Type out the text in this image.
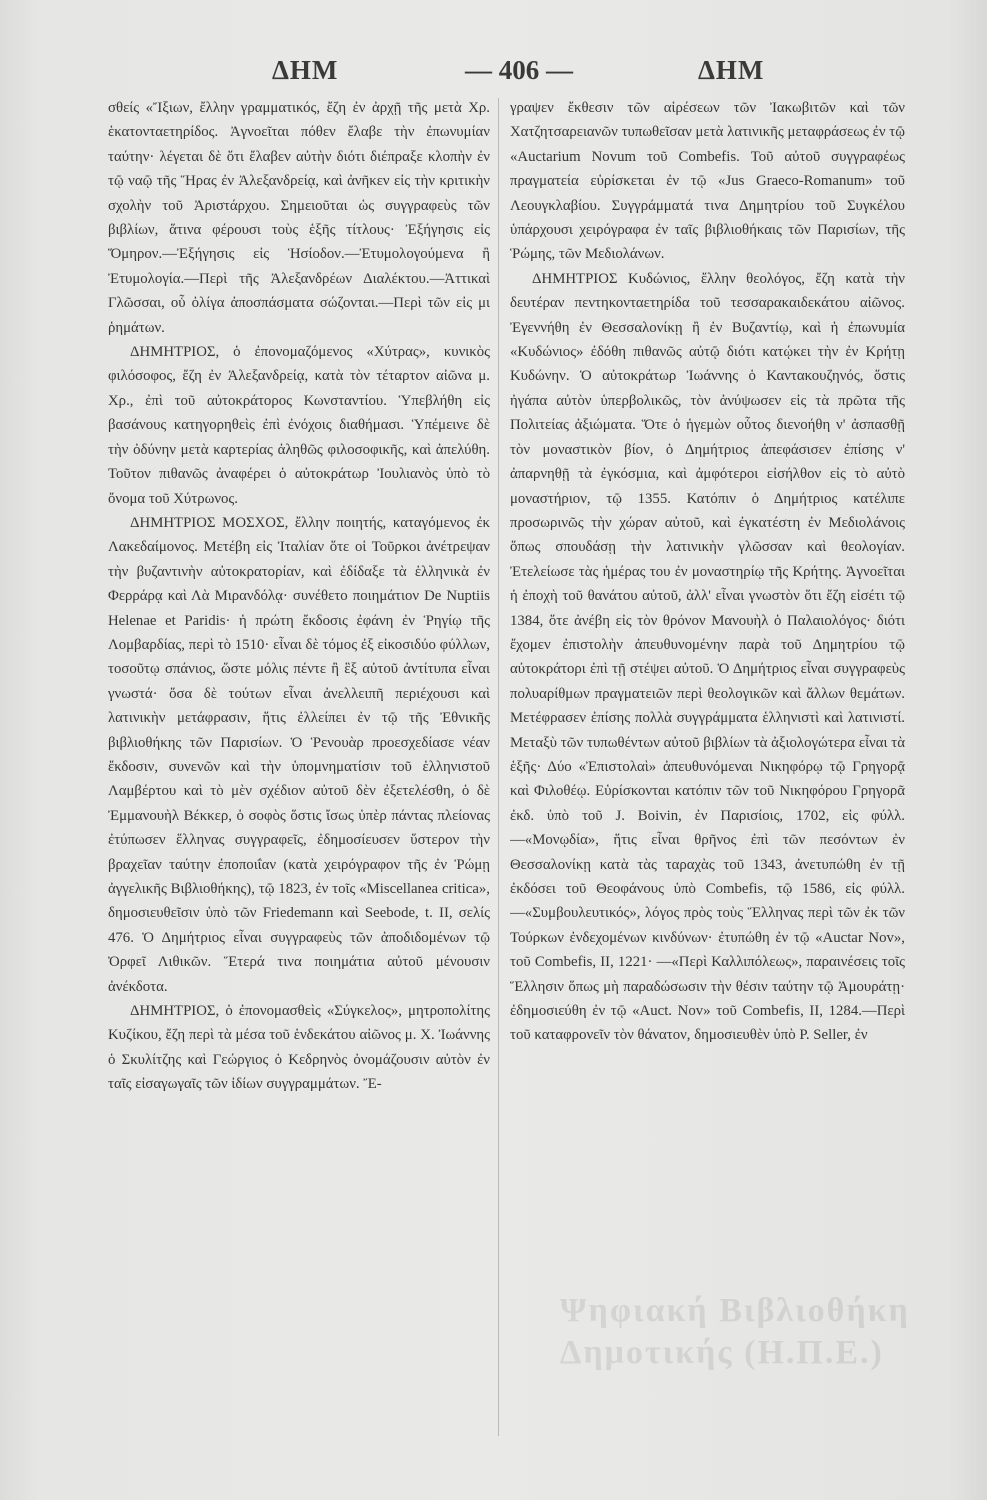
ΔΗΜ	— 406 —	ΔΗΜ

σθείς «Ἴξιων, ἔλλην γραμματικός, ἔζη ἐν ἀρχῇ τῆς μετὰ Χρ. ἑκατονταετηρίδος. Ἀγνοεῖται πόθεν ἔλαβε τὴν ἐπωνυμίαν ταύτην· λέγεται δὲ ὅτι ἔλαβεν αὐτὴν διότι διέπραξε κλοπὴν ἐν τῷ ναῷ τῆς Ἥρας ἐν Ἀλεξανδρείᾳ, καὶ ἀνῆκεν εἰς τὴν κριτικὴν σχολὴν τοῦ Ἀριστάρχου. Σημειοῦται ὡς συγγραφεὺς τῶν βιβλίων, ἅτινα φέρουσι τοὺς ἑξῆς τίτλους· Ἐξήγησις εἰς Ὅμηρον.—Ἐξήγησις εἰς Ἡσίοδον.—Ἐτυμολογούμενα ἢ Ἐτυμολογία.—Περὶ τῆς Ἀλεξανδρέων Διαλέκτου.—Ἀττικαὶ Γλῶσσαι, οὗ ὀλίγα ἀποσπάσματα σώζονται.—Περὶ τῶν εἰς μι ῥημάτων.

ΔΗΜΗΤΡΙΟΣ, ὁ ἐπονομαζόμενος «Χύτρας», κυνικὸς φιλόσοφος, ἔζη ἐν Ἀλεξανδρείᾳ, κατὰ τὸν τέταρτον αἰῶνα μ. Χρ., ἐπὶ τοῦ αὐτοκράτορος Κωνσταντίου. Ὑπεβλήθη εἰς βασάνους κατηγορηθεὶς ἐπὶ ἐνόχοις διαθήμασι. Ὑπέμεινε δὲ τὴν ὀδύνην μετὰ καρτερίας ἀληθῶς φιλοσοφικῆς, καὶ ἀπελύθη. Τοῦτον πιθανῶς ἀναφέρει ὁ αὐτοκράτωρ Ἰουλιανὸς ὑπὸ τὸ ὄνομα τοῦ Χύτρωνος.

ΔΗΜΗΤΡΙΟΣ ΜΟΣΧΟΣ, ἔλλην ποιητής, καταγόμενος ἐκ Λακεδαίμονος. Μετέβη εἰς Ἰταλίαν ὅτε οἱ Τοῦρκοι ἀνέτρεψαν τὴν βυζαντινὴν αὐτοκρατορίαν, καὶ ἐδίδαξε τὰ ἑλληνικὰ ἐν Φερράρᾳ καὶ Λὰ Μιρανδόλᾳ· συνέθετο ποιημάτιον De Nuptiis Helenae et Paridis· ἡ πρώτη ἔκδοσις ἐφάνη ἐν Ῥηγίῳ τῆς Λομβαρδίας, περὶ τὸ 1510· εἶναι δὲ τόμος ἐξ εἰκοσιδύο φύλλων, τοσοῦτῳ σπάνιος, ὥστε μόλις πέντε ἢ ἓξ αὐτοῦ ἀντίτυπα εἶναι γνωστά· ὅσα δὲ τούτων εἶναι ἀνελλειπῆ περιέχουσι καὶ λατινικὴν μετάφρασιν, ἥτις ἐλλείπει ἐν τῷ τῆς Ἐθνικῆς βιβλιοθήκης τῶν Παρισίων. Ὁ Ῥενουὰρ προεσχεδίασε νέαν ἔκδοσιν, συνενῶν καὶ τὴν ὑπομνηματίσιν τοῦ ἑλληνιστοῦ Λαμβέρτου καὶ τὸ μὲν σχέδιον αὐτοῦ δὲν ἐξετελέσθη, ὁ δὲ Ἐμμανουὴλ Βέκκερ, ὁ σοφὸς ὅστις ἴσως ὑπὲρ πάντας πλείονας ἐτύπωσεν ἕλληνας συγγραφεῖς, ἐδημοσίευσεν ὕστερον τὴν βραχεῖαν ταύτην ἐποποιΐαν (κατὰ χειρόγραφον τῆς ἐν Ῥώμῃ ἀγγελικῆς Βιβλιοθήκης), τῷ 1823, ἐν τοῖς «Miscellanea critica», δημοσιευθεῖσιν ὑπὸ τῶν Friedemann καὶ Seebode, t. II, σελίς 476. Ὁ Δημήτριος εἶναι συγγραφεὺς τῶν ἀποδιδομένων τῷ Ὀρφεῖ Λιθικῶν. Ἕτερά τινα ποιημάτια αὐτοῦ μένουσιν ἀνέκδοτα.

ΔΗΜΗΤΡΙΟΣ, ὁ ἐπονομασθεὶς «Σύγκελος», μητροπολίτης Κυζίκου, ἔζη περὶ τὰ μέσα τοῦ ἑνδεκάτου αἰῶνος μ. Χ. Ἰωάννης ὁ Σκυλίτζης καὶ Γεώργιος ὁ Κεδρηνὸς ὀνομάζουσιν αὐτὸν ἐν ταῖς εἰσαγωγαῖς τῶν ἰδίων συγγραμμάτων. Ἔ-

γραψεν ἔκθεσιν τῶν αἱρέσεων τῶν Ἰακωβιτῶν καὶ τῶν Χατζητσαρειανῶν τυπωθεῖσαν μετὰ λατινικῆς μεταφράσεως ἐν τῷ «Auctarium Novum τοῦ Combefis. Τοῦ αὐτοῦ συγγραφέως πραγματεία εὑρίσκεται ἐν τῷ «Jus Graeco-Romanum» τοῦ Λεουγκλαβίου. Συγγράμματά τινα Δημητρίου τοῦ Συγκέλου ὑπάρχουσι χειρόγραφα ἐν ταῖς βιβλιοθήκαις τῶν Παρισίων, τῆς Ῥώμης, τῶν Μεδιολάνων.

ΔΗΜΗΤΡΙΟΣ Κυδώνιος, ἔλλην θεολόγος, ἔζη κατὰ τὴν δευτέραν πεντηκονταετηρίδα τοῦ τεσσαρακαιδεκάτου αἰῶνος. Ἐγεννήθη ἐν Θεσσαλονίκῃ ἢ ἐν Βυζαντίῳ, καὶ ἡ ἐπωνυμία «Κυδώνιος» ἐδόθη πιθανῶς αὐτῷ διότι κατῴκει τὴν ἐν Κρήτῃ Κυδώνην. Ὁ αὐτοκράτωρ Ἰωάννης ὁ Καντακουζηνός, ὅστις ἠγάπα αὐτὸν ὑπερβολικῶς, τὸν ἀνύψωσεν εἰς τὰ πρῶτα τῆς Πολιτείας ἀξιώματα. Ὅτε ὁ ἡγεμὼν οὗτος διενοήθη ν' ἀσπασθῇ τὸν μοναστικὸν βίον, ὁ Δημήτριος ἀπεφάσισεν ἐπίσης ν' ἀπαρνηθῇ τὰ ἐγκόσμια, καὶ ἀμφότεροι εἰσήλθον εἰς τὸ αὐτὸ μοναστήριον, τῷ 1355. Κατόπιν ὁ Δημήτριος κατέλιπε προσωρινῶς τὴν χώραν αὐτοῦ, καὶ ἐγκατέστη ἐν Μεδιολάνοις ὅπως σπουδάσῃ τὴν λατινικὴν γλῶσσαν καὶ θεολογίαν. Ἐτελείωσε τὰς ἡμέρας του ἐν μοναστηρίῳ τῆς Κρήτης. Ἀγνοεῖται ἡ ἐποχὴ τοῦ θανάτου αὐτοῦ, ἀλλ' εἶναι γνωστὸν ὅτι ἔζη εἰσέτι τῷ 1384, ὅτε ἀνέβη εἰς τὸν θρόνον Μανουὴλ ὁ Παλαιολόγος· διότι ἔχομεν ἐπιστολὴν ἀπευθυνομένην παρὰ τοῦ Δημητρίου τῷ αὐτοκράτορι ἐπὶ τῇ στέψει αὐτοῦ. Ὁ Δημήτριος εἶναι συγγραφεὺς πολυαρίθμων πραγματειῶν περὶ θεολογικῶν καὶ ἄλλων θεμάτων. Μετέφρασεν ἐπίσης πολλὰ συγγράμματα ἑλληνιστὶ καὶ λατινιστί. Μεταξὺ τῶν τυπωθέντων αὐτοῦ βιβλίων τὰ ἀξιολογώτερα εἶναι τὰ ἑξῆς· Δύο «Ἐπιστολαὶ» ἀπευθυνόμεναι Νικηφόρῳ τῷ Γρηγορᾷ καὶ Φιλοθέῳ. Εὑρίσκονται κατόπιν τῶν τοῦ Νικηφόρου Γρηγορᾶ ἐκδ. ὑπὸ τοῦ J. Boivin, ἐν Παρισίοις, 1702, εἰς φύλλ. —«Μονῳδία», ἥτις εἶναι θρῆνος ἐπὶ τῶν πεσόντων ἐν Θεσσαλονίκῃ κατὰ τὰς ταραχὰς τοῦ 1343, ἀνετυπώθη ἐν τῇ ἐκδόσει τοῦ Θεοφάνους ὑπὸ Combefis, τῷ 1586, εἰς φύλλ.—«Συμβουλευτικός», λόγος πρὸς τοὺς Ἕλληνας περὶ τῶν ἐκ τῶν Τούρκων ἐνδεχομένων κινδύνων· ἐτυπώθη ἐν τῷ «Auctar Nov», τοῦ Combefis, II, 1221· —«Περὶ Καλλιπόλεως», παραινέσεις τοῖς Ἕλλησιν ὅπως μὴ παραδώσωσιν τὴν θέσιν ταύτην τῷ Ἀμουράτῃ· ἐδημοσιεύθη ἐν τῷ «Auct. Nov» τοῦ Combefis, II, 1284.—Περὶ τοῦ καταφρονεῖν τὸν θάνατον, δημοσιευθὲν ὑπὸ P. Seller, ἐν

Ψηφιακή Βιβλιοθήκη
Δημοτικής (Η.Π.Ε.)
